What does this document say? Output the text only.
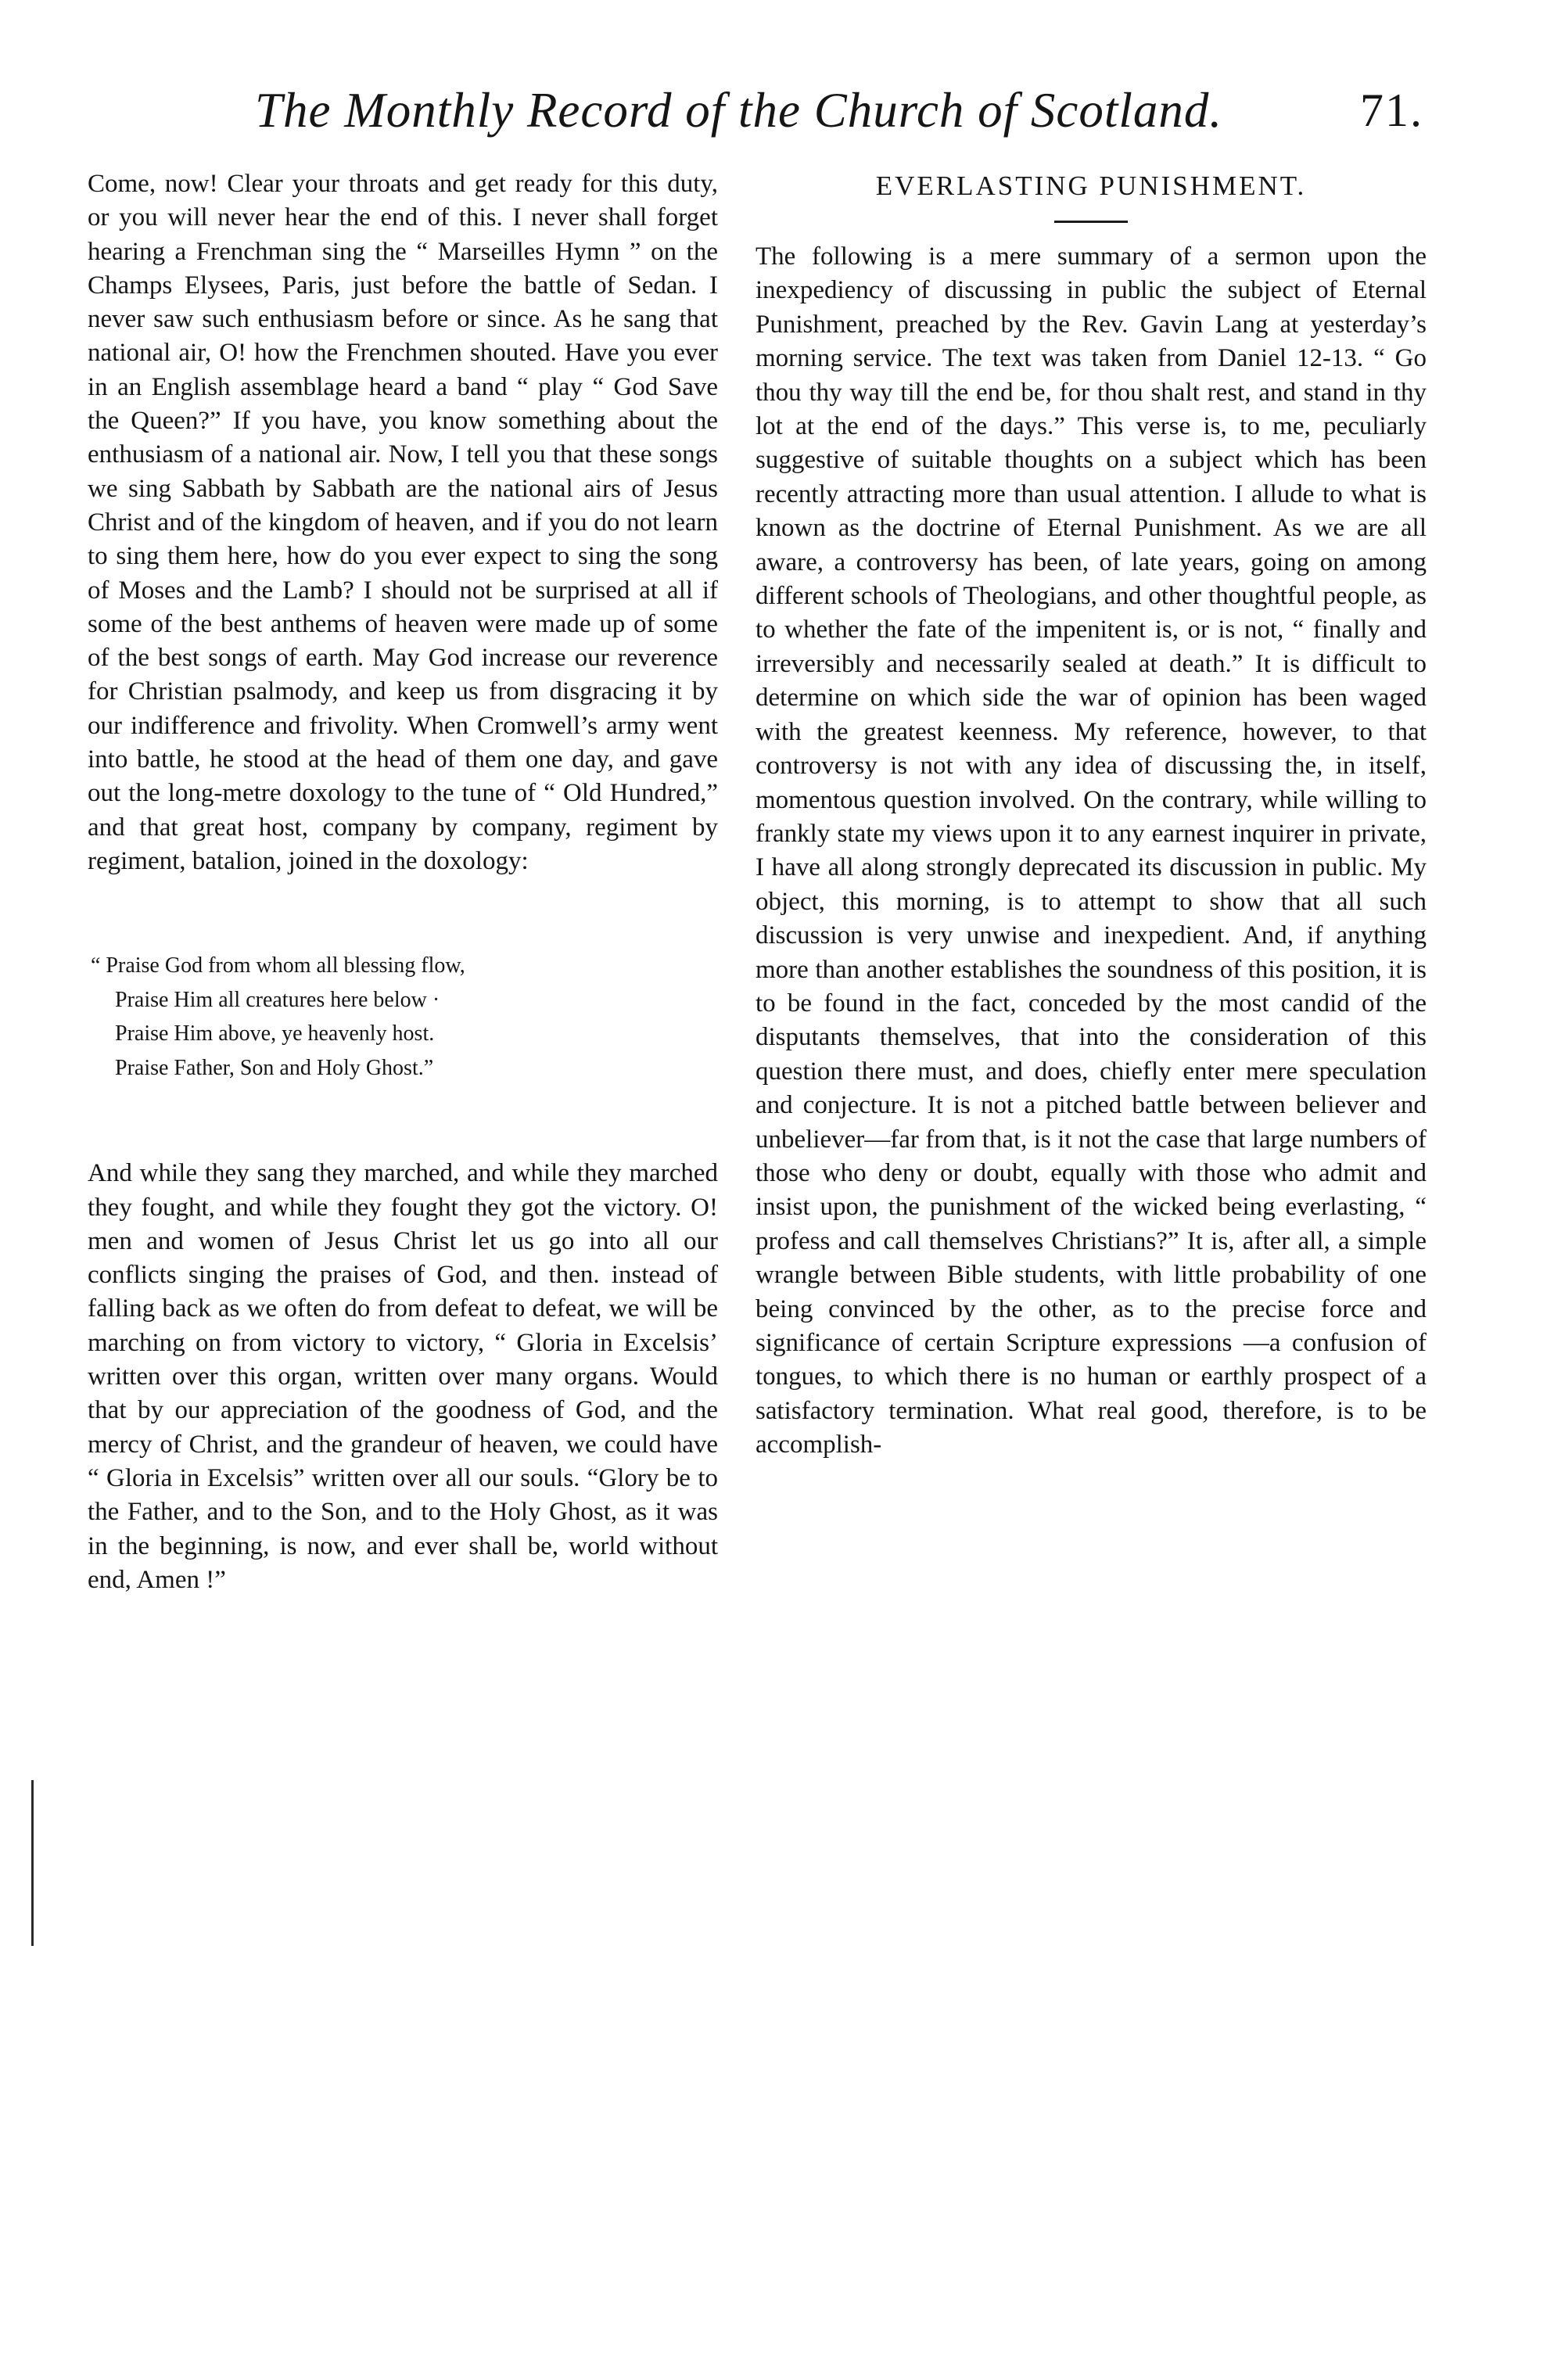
The Monthly Record of the Church of Scotland.	71.

Come, now! Clear your throats and get ready for this duty, or you will never hear the end of this. I never shall forget hearing a Frenchman sing the “ Marseilles Hymn ” on the Champs Elysees, Paris, just before the battle of Sedan. I never saw such enthusiasm before or since. As he sang that national air, O! how the Frenchmen shouted. Have you ever in an English assemblage heard a band “ play “ God Save the Queen?” If you have, you know something about the enthusiasm of a national air. Now, I tell you that these songs we sing Sabbath by Sabbath are the national airs of Jesus Christ and of the kingdom of heaven, and if you do not learn to sing them here, how do you ever expect to sing the song of Moses and the Lamb? I should not be surprised at all if some of the best anthems of heaven were made up of some of the best songs of earth. May God increase our reverence for Christian psalmody, and keep us from disgracing it by our indifference and frivolity. When Cromwell’s army went into battle, he stood at the head of them one day, and gave out the long-metre doxology to the tune of “ Old Hundred,” and that great host, company by company, regiment by regiment, batalion, joined in the doxology:

“ Praise God from whom all blessing flow,
Praise Him all creatures here below ·
Praise Him above, ye heavenly host.
Praise Father, Son and Holy Ghost.”

And while they sang they marched, and while they marched they fought, and while they fought they got the victory. O! men and women of Jesus Christ let us go into all our conflicts singing the praises of God, and then. instead of falling back as we often do from defeat to defeat, we will be marching on from victory to victory, “ Gloria in Excelsis’ written over this organ, written over many organs. Would that by our appreciation of the goodness of God, and the mercy of Christ, and the grandeur of heaven, we could have “ Gloria in Excelsis” written over all our souls. “Glory be to the Father, and to the Son, and to the Holy Ghost, as it was in the beginning, is now, and ever shall be, world without end, Amen !”

EVERLASTING PUNISHMENT.

The following is a mere summary of a sermon upon the inexpediency of discussing in public the subject of Eternal Punishment, preached by the Rev. Gavin Lang at yesterday’s morning service. The text was taken from Daniel 12-13. “ Go thou thy way till the end be, for thou shalt rest, and stand in thy lot at the end of the days.” This verse is, to me, peculiarly suggestive of suitable thoughts on a subject which has been recently attracting more than usual attention. I allude to what is known as the doctrine of Eternal Punishment. As we are all aware, a controversy has been, of late years, going on among different schools of Theologians, and other thoughtful people, as to whether the fate of the impenitent is, or is not, “ finally and irreversibly and necessarily sealed at death.” It is difficult to determine on which side the war of opinion has been waged with the greatest keenness. My reference, however, to that controversy is not with any idea of discussing the, in itself, momentous question involved. On the contrary, while willing to frankly state my views upon it to any earnest inquirer in private, I have all along strongly deprecated its discussion in public. My object, this morning, is to attempt to show that all such discussion is very unwise and inexpedient. And, if anything more than another establishes the soundness of this position, it is to be found in the fact, conceded by the most candid of the disputants themselves, that into the consideration of this question there must, and does, chiefly enter mere speculation and conjecture. It is not a pitched battle between believer and unbeliever—far from that, is it not the case that large numbers of those who deny or doubt, equally with those who admit and insist upon, the punishment of the wicked being everlasting, “ profess and call themselves Christians?” It is, after all, a simple wrangle between Bible students, with little probability of one being convinced by the other, as to the precise force and significance of certain Scripture expressions —a confusion of tongues, to which there is no human or earthly prospect of a satisfactory termination. What real good, therefore, is to be accomplish-
